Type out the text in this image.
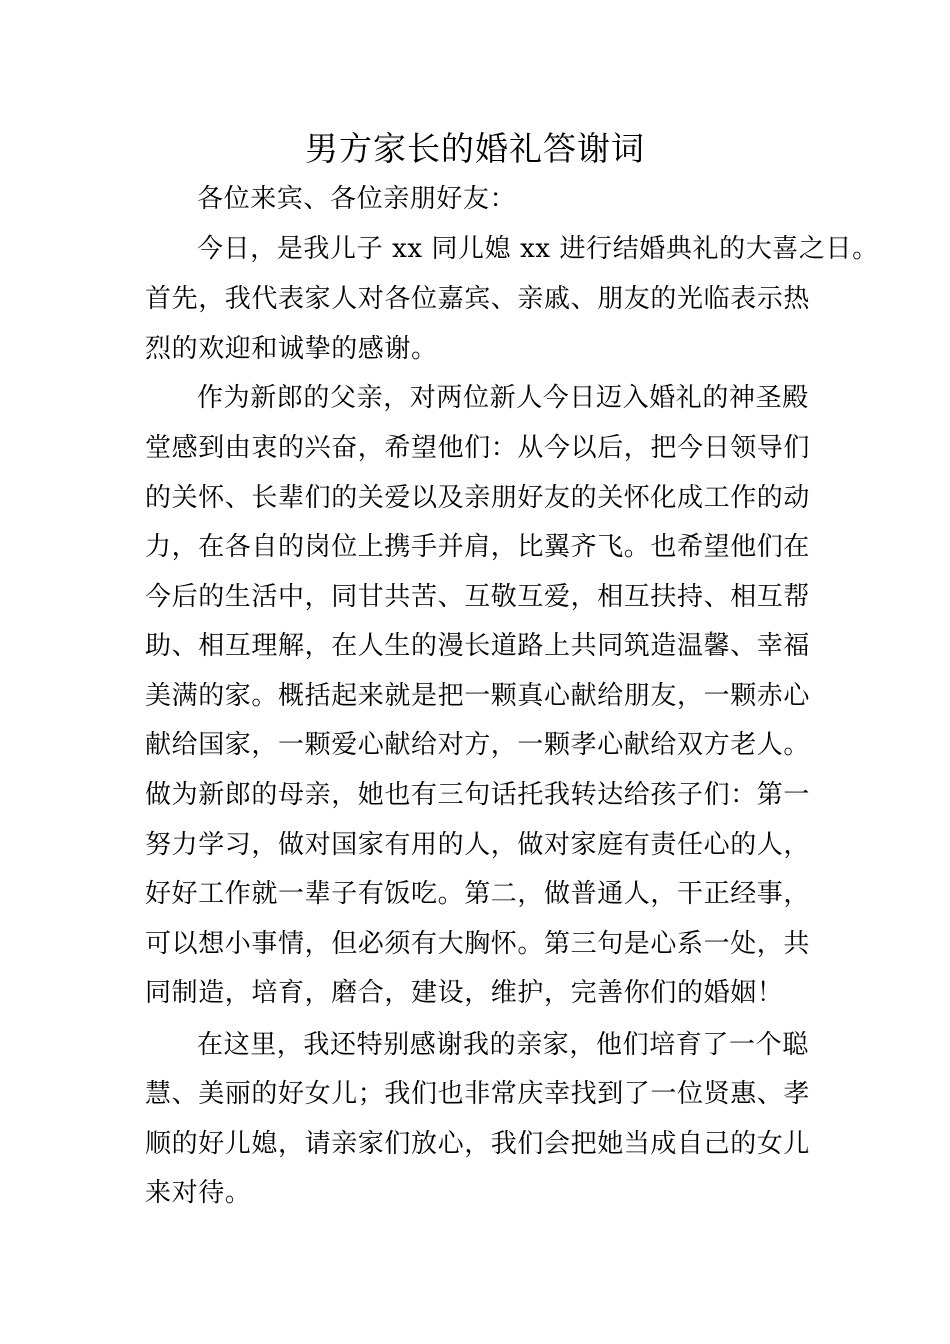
男方家长的婚礼答谢词
各位来宾、各位亲朋好友：
今日，是我儿子 xx 同儿媳 xx 进行结婚典礼的大喜之日。
首先，我代表家人对各位嘉宾、亲戚、朋友的光临表示热
烈的欢迎和诚挚的感谢。
作为新郎的父亲，对两位新人今日迈入婚礼的神圣殿
堂感到由衷的兴奋，希望他们：从今以后，把今日领导们
的关怀、长辈们的关爱以及亲朋好友的关怀化成工作的动
力，在各自的岗位上携手并肩，比翼齐飞。也希望他们在
今后的生活中，同甘共苦、互敬互爱，相互扶持、相互帮
助、相互理解，在人生的漫长道路上共同筑造温馨、幸福
美满的家。概括起来就是把一颗真心献给朋友，一颗赤心
献给国家，一颗爱心献给对方，一颗孝心献给双方老人。
做为新郎的母亲，她也有三句话托我转达给孩子们：第一
努力学习，做对国家有用的人，做对家庭有责任心的人，
好好工作就一辈子有饭吃。第二，做普通人，干正经事，
可以想小事情，但必须有大胸怀。第三句是心系一处，共
同制造，培育，磨合，建设，维护，完善你们的婚姻！
在这里，我还特别感谢我的亲家，他们培育了一个聪
慧、美丽的好女儿；我们也非常庆幸找到了一位贤惠、孝
顺的好儿媳，请亲家们放心，我们会把她当成自己的女儿
来对待。
